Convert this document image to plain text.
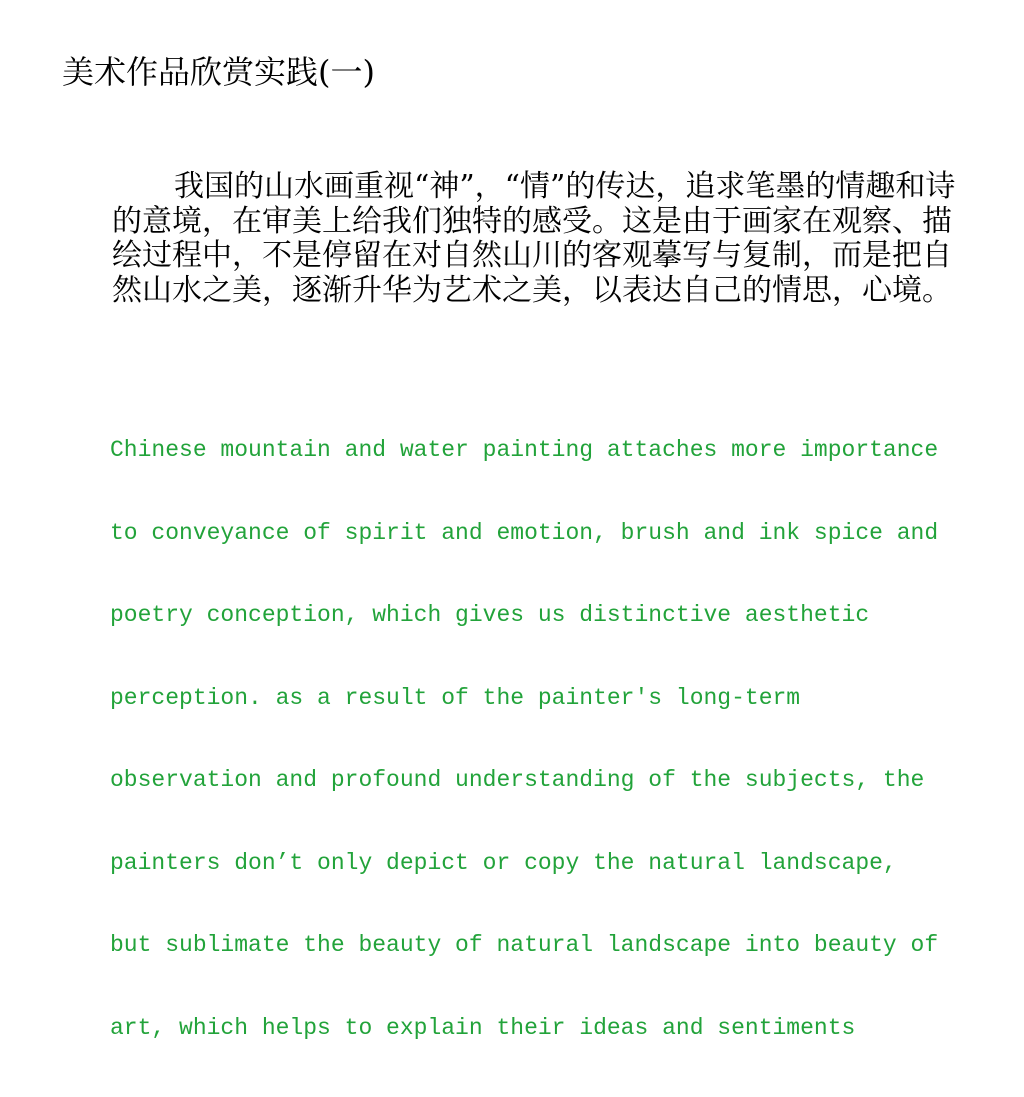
美术作品欣赏实践(一)

我国的山水画重视“神”，“情”的传达，追求笔墨的情趣和诗的意境，在审美上给我们独特的感受。这是由于画家在观察、描绘过程中，不是停留在对自然山川的客观摹写与复制，而是把自然山水之美，逐渐升华为艺术之美，以表达自己的情思，心境。

Chinese mountain and water painting attaches more importance

to conveyance of spirit and emotion, brush and ink spice and

poetry conception, which gives us distinctive aesthetic

perception. as a result of the painter's long-term

observation and profound understanding of the subjects, the

painters don’t only depict or copy the natural landscape,

but sublimate the beauty of natural landscape into beauty of

art, which helps to explain their ideas and sentiments
